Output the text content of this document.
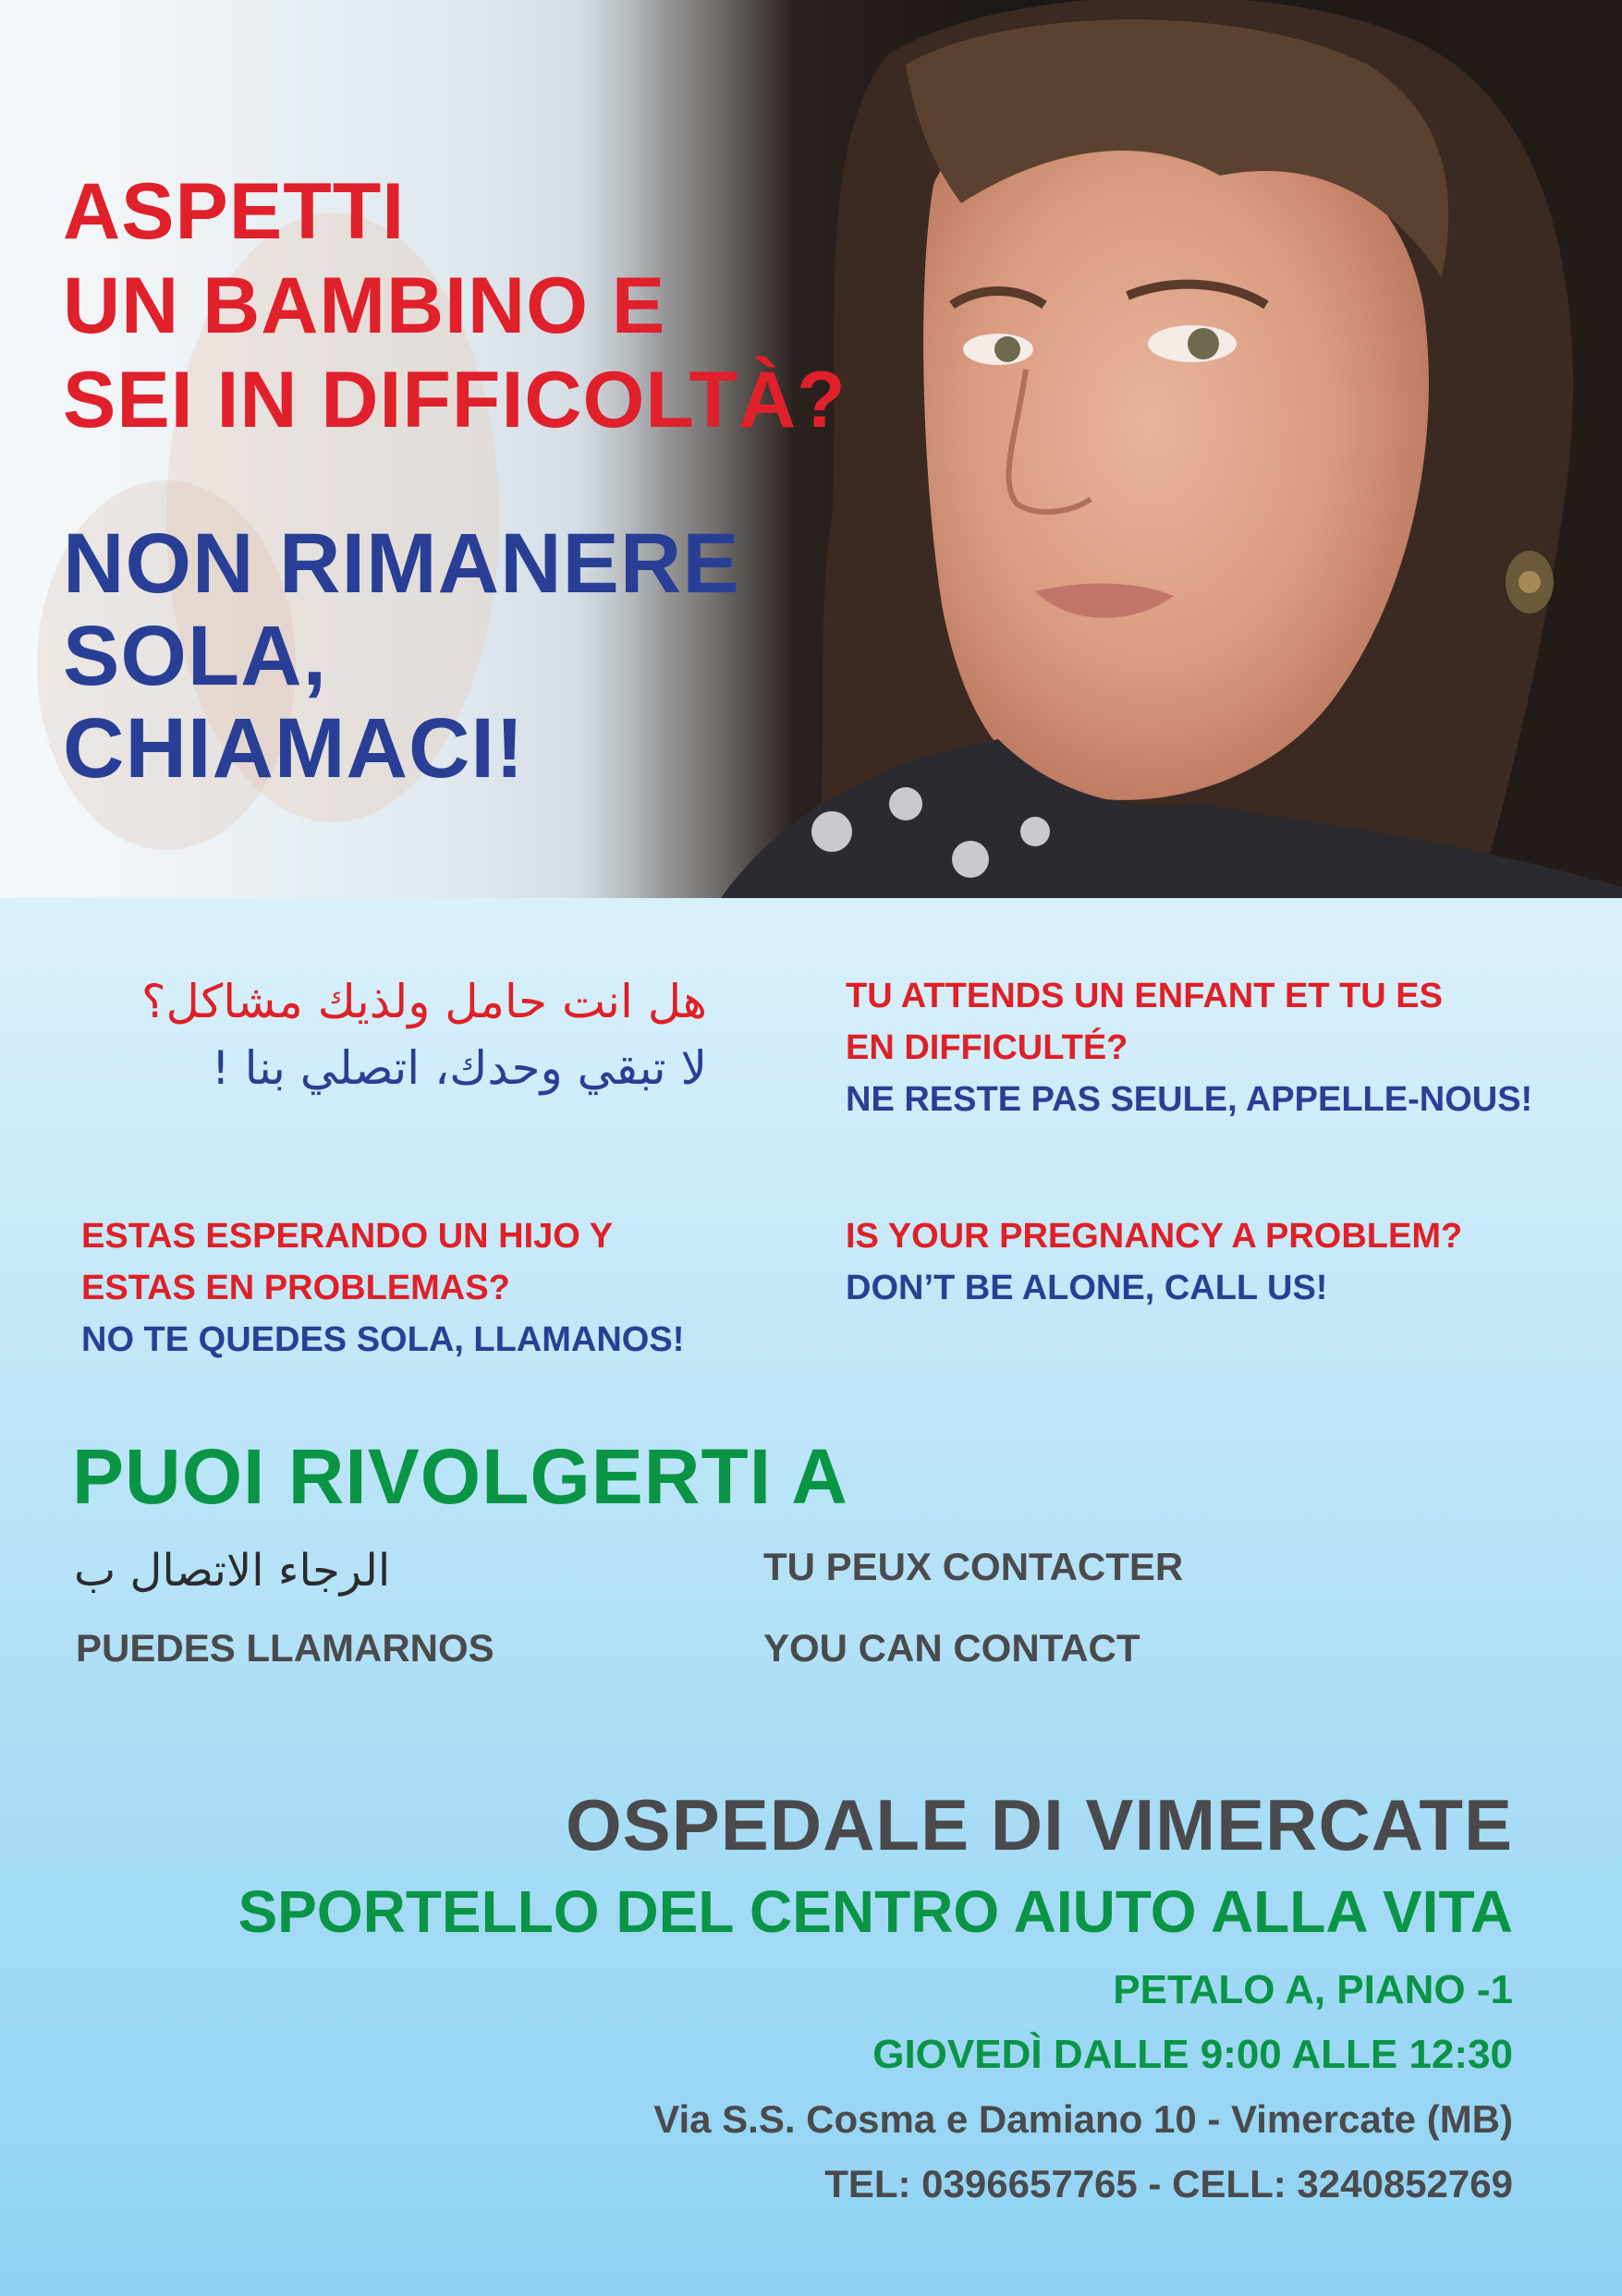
ASPETTI
UN BAMBINO E
SEI IN DIFFICOLTÀ?
NON RIMANERE
SOLA,
CHIAMACI!
هل انت حامل ولذيك مشاكل؟
لا تبقي وحدك، اتصلي بنا !
TU ATTENDS UN ENFANT ET TU ES
EN DIFFICULTÉ?
NE RESTE PAS SEULE, APPELLE-NOUS!
ESTAS ESPERANDO UN HIJO Y
ESTAS EN PROBLEMAS?
NO TE QUEDES SOLA, LLAMANOS!
IS YOUR PREGNANCY A PROBLEM?
DON’T BE ALONE, CALL US!
PUOI RIVOLGERTI A
الرجاء الاتصال ب	TU PEUX CONTACTER
PUEDES LLAMARNOS	YOU CAN CONTACT
OSPEDALE DI VIMERCATE
SPORTELLO DEL CENTRO AIUTO ALLA VITA
PETALO A, PIANO -1
GIOVEDÌ DALLE 9:00 ALLE 12:30
Via S.S. Cosma e Damiano 10 - Vimercate (MB)
TEL: 0396657765 - CELL: 3240852769
